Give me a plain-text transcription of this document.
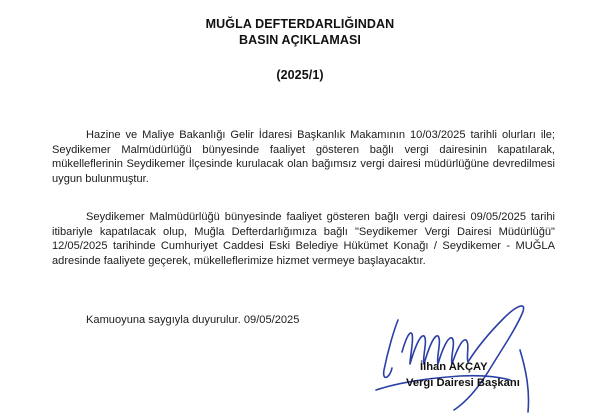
MUĞLA DEFTERDARLIĞINDAN
BASIN AÇIKLAMASI
(2025/1)
Hazine ve Maliye Bakanlığı Gelir İdaresi Başkanlık Makamının 10/03/2025 tarihli olurları ile; Seydikemer Malmüdürlüğü bünyesinde faaliyet gösteren bağlı vergi dairesinin kapatılarak, mükelleflerinin Seydikemer İlçesinde kurulacak olan bağımsız vergi dairesi müdürlüğüne devredilmesi uygun bulunmuştur.
Seydikemer Malmüdürlüğü bünyesinde faaliyet gösteren bağlı vergi dairesi 09/05/2025 tarihi itibariyle kapatılacak olup, Muğla Defterdarlığımıza bağlı "Seydikemer Vergi Dairesi Müdürlüğü" 12/05/2025 tarihinde Cumhuriyet Caddesi Eski Belediye Hükümet Konağı / Seydikemer - MUĞLA adresinde faaliyete geçerek, mükelleflerimize hizmet vermeye başlayacaktır.
Kamuoyuna saygıyla duyurulur. 09/05/2025
İlhan AKÇAY
Vergi Dairesi Başkanı
